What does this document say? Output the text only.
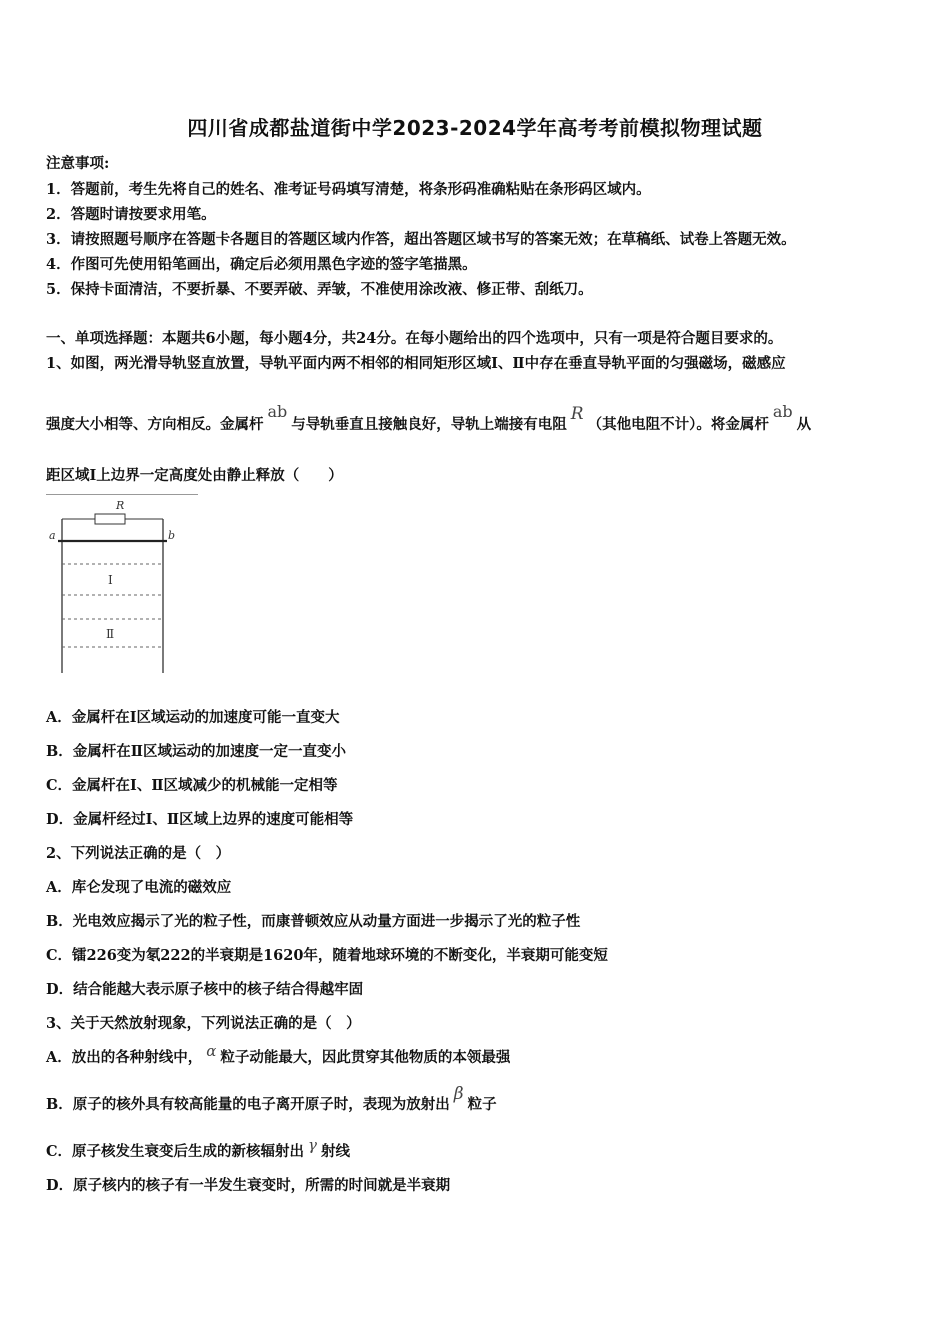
四川省成都盐道街中学2023-2024学年高考考前模拟物理试题
注意事项:
1．答题前，考生先将自己的姓名、准考证号码填写清楚，将条形码准确粘贴在条形码区域内。
2．答题时请按要求用笔。
3．请按照题号顺序在答题卡各题目的答题区域内作答，超出答题区域书写的答案无效；在草稿纸、试卷上答题无效。
4．作图可先使用铅笔画出，确定后必须用黑色字迹的签字笔描黑。
5．保持卡面清洁，不要折暴、不要弄破、弄皱，不准使用涂改液、修正带、刮纸刀。
一、单项选择题：本题共6小题，每小题4分，共24分。在每小题给出的四个选项中，只有一项是符合题目要求的。
1、如图，两光滑导轨竖直放置，导轨平面内两不相邻的相同矩形区域Ⅰ、Ⅱ中存在垂直导轨平面的匀强磁场，磁感应
强度大小相等、方向相反。金属杆ab与导轨垂直且接触良好，导轨上端接有电阻R（其他电阻不计）。将金属杆ab从
距区域Ⅰ上边界一定高度处由静止释放（　　）
R
a	b
Ⅰ
Ⅱ
A．金属杆在Ⅰ区域运动的加速度可能一直变大
B．金属杆在Ⅱ区域运动的加速度一定一直变小
C．金属杆在Ⅰ、Ⅱ区域减少的机械能一定相等
D．金属杆经过Ⅰ、Ⅱ区域上边界的速度可能相等
2、下列说法正确的是（　）
A．库仑发现了电流的磁效应
B．光电效应揭示了光的粒子性，而康普顿效应从动量方面进一步揭示了光的粒子性
C．镭226变为氡222的半衰期是1620年，随着地球环境的不断变化，半衰期可能变短
D．结合能越大表示原子核中的核子结合得越牢固
3、关于天然放射现象，下列说法正确的是（　）
A．放出的各种射线中， α 粒子动能最大，因此贯穿其他物质的本领最强
B．原子的核外具有较高能量的电子离开原子时，表现为放射出β粒子
C．原子核发生衰变后生成的新核辐射出 γ 射线
D．原子核内的核子有一半发生衰变时，所需的时间就是半衰期
